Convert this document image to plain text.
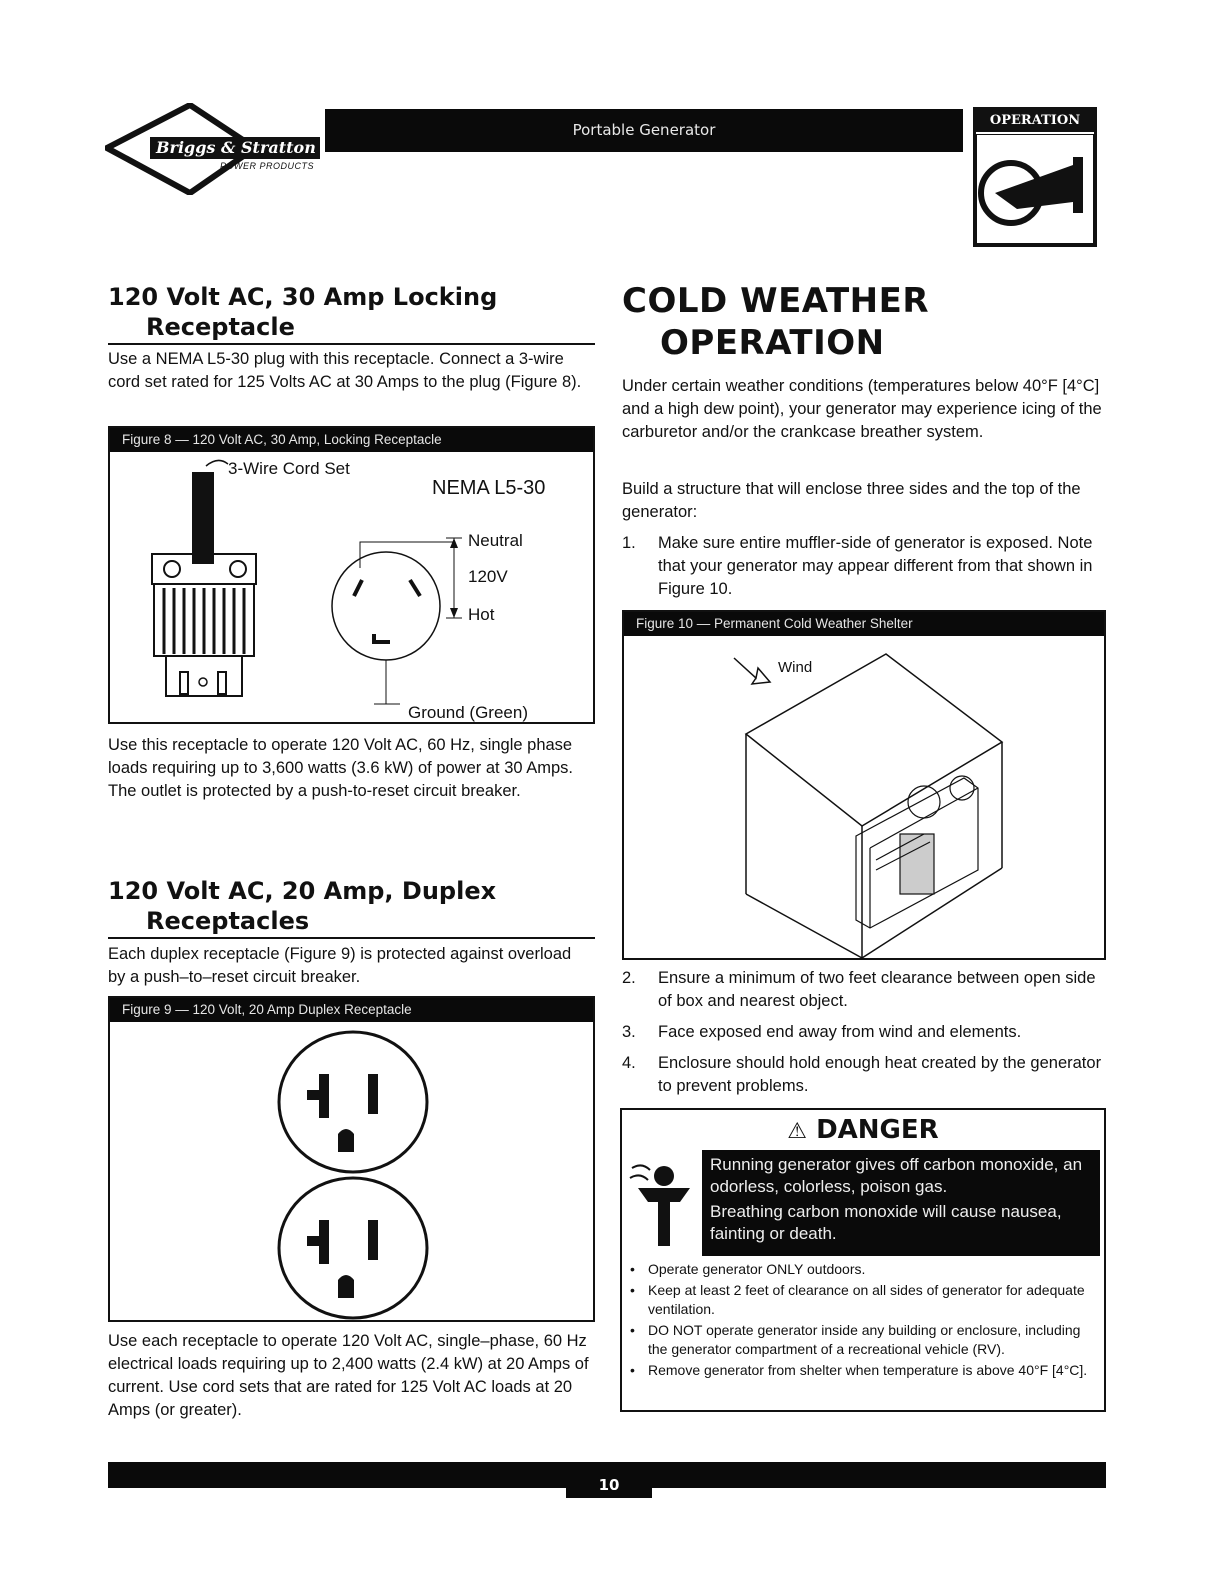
Briggs & Stratton
POWER PRODUCTS
Portable Generator
OPERATION
120 Volt AC, 30 Amp Locking
Receptacle
Use a NEMA L5-30 plug with this receptacle. Connect a 3-wire cord set rated for 125 Volts AC at 30 Amps to the plug (Figure 8).
Figure 8 — 120 Volt AC, 30 Amp, Locking Receptacle
3-Wire Cord Set
NEMA L5-30
Neutral
120V
Hot
Ground (Green)
Use this receptacle to operate 120 Volt AC, 60 Hz, single phase loads requiring up to 3,600 watts (3.6 kW) of power at 30 Amps. The outlet is protected by a push-to-reset circuit breaker.
120 Volt AC, 20 Amp, Duplex
Receptacles
Each duplex receptacle (Figure 9) is protected against overload by a push–to–reset circuit breaker.
Figure 9 — 120 Volt, 20 Amp Duplex Receptacle
Use each receptacle to operate 120 Volt AC, single–phase, 60 Hz electrical loads requiring up to 2,400 watts (2.4 kW) at 20 Amps of current. Use cord sets that are rated for 125 Volt AC loads at 20 Amps (or greater).
COLD WEATHER
OPERATION
Under certain weather conditions (temperatures below 40°F [4°C] and a high dew point), your generator may experience icing of the carburetor and/or the crankcase breather system.
Build a structure that will enclose three sides and the top of the generator:
1. Make sure entire muffler-side of generator is exposed. Note that your generator may appear different from that shown in Figure 10.
Figure 10 — Permanent Cold Weather Shelter
Wind
2. Ensure a minimum of two feet clearance between open side of box and nearest object.
3. Face exposed end away from wind and elements.
4. Enclosure should hold enough heat created by the generator to prevent problems.
⚠ DANGER

Running generator gives off carbon monoxide, an odorless, colorless, poison gas.

Breathing carbon monoxide will cause nausea, fainting or death.

• Operate generator ONLY outdoors.
• Keep at least 2 feet of clearance on all sides of generator for adequate ventilation.
• DO NOT operate generator inside any building or enclosure, including the generator compartment of a recreational vehicle (RV).
• Remove generator from shelter when temperature is above 40°F [4°C].
10
